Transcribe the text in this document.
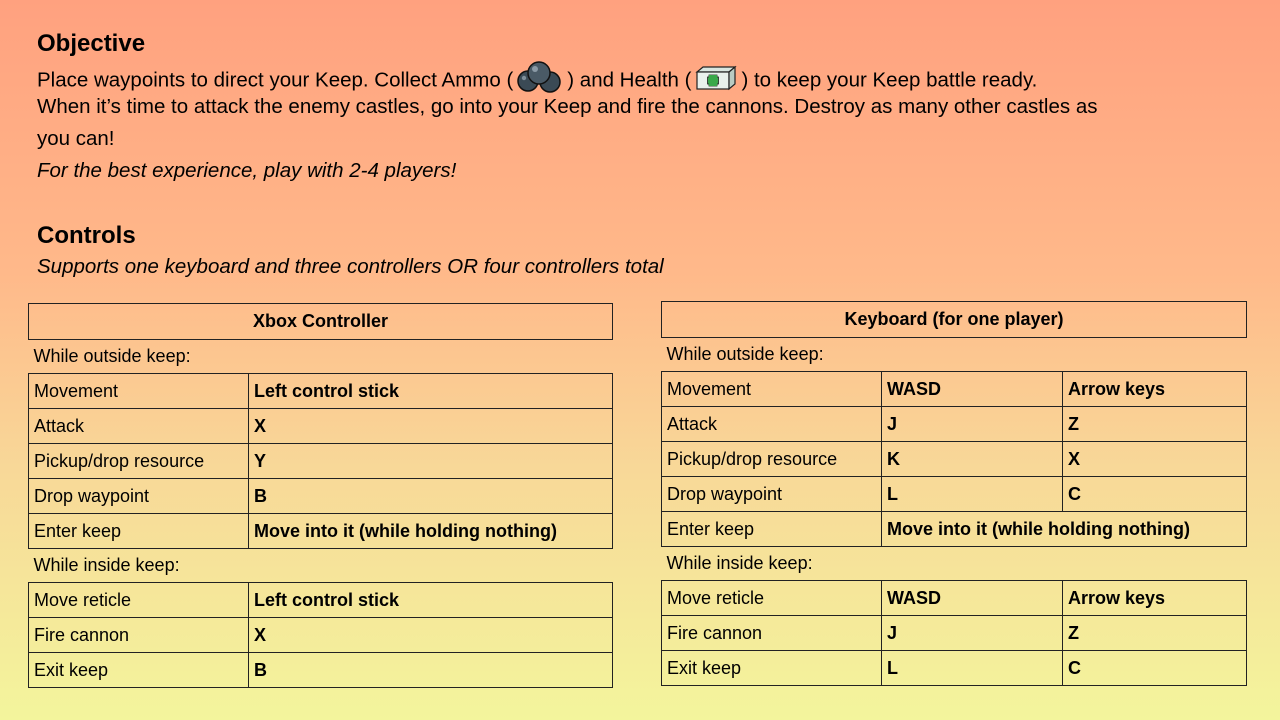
Objective
Place waypoints to direct your Keep. Collect Ammo (	) and Health ( ) to keep your Keep battle ready.
When it’s time to attack the enemy castles, go into your Keep and fire the cannons. Destroy as many other castles as
you can!
For the best experience, play with 2-4 players!
Controls
Supports one keyboard and three controllers OR four controllers total
Xbox Controller	
While outside keep:	
Movement	Left control stick
Attack	X
Pickup/drop resource	Y
Drop waypoint	B
Enter keep	Move into it (while holding nothing)
While inside keep:	
Move reticle	Left control stick
Fire cannon	X
Exit keep	B
Keyboard (for one player)		
While outside keep:		
Movement	WASD	Arrow keys
Attack	J	Z
Pickup/drop resource	K	X
Drop waypoint	L	C
Enter keep	Move into it (while holding nothing)	
While inside keep:		
Move reticle	WASD	Arrow keys
Fire cannon	J	Z
Exit keep	L	C
